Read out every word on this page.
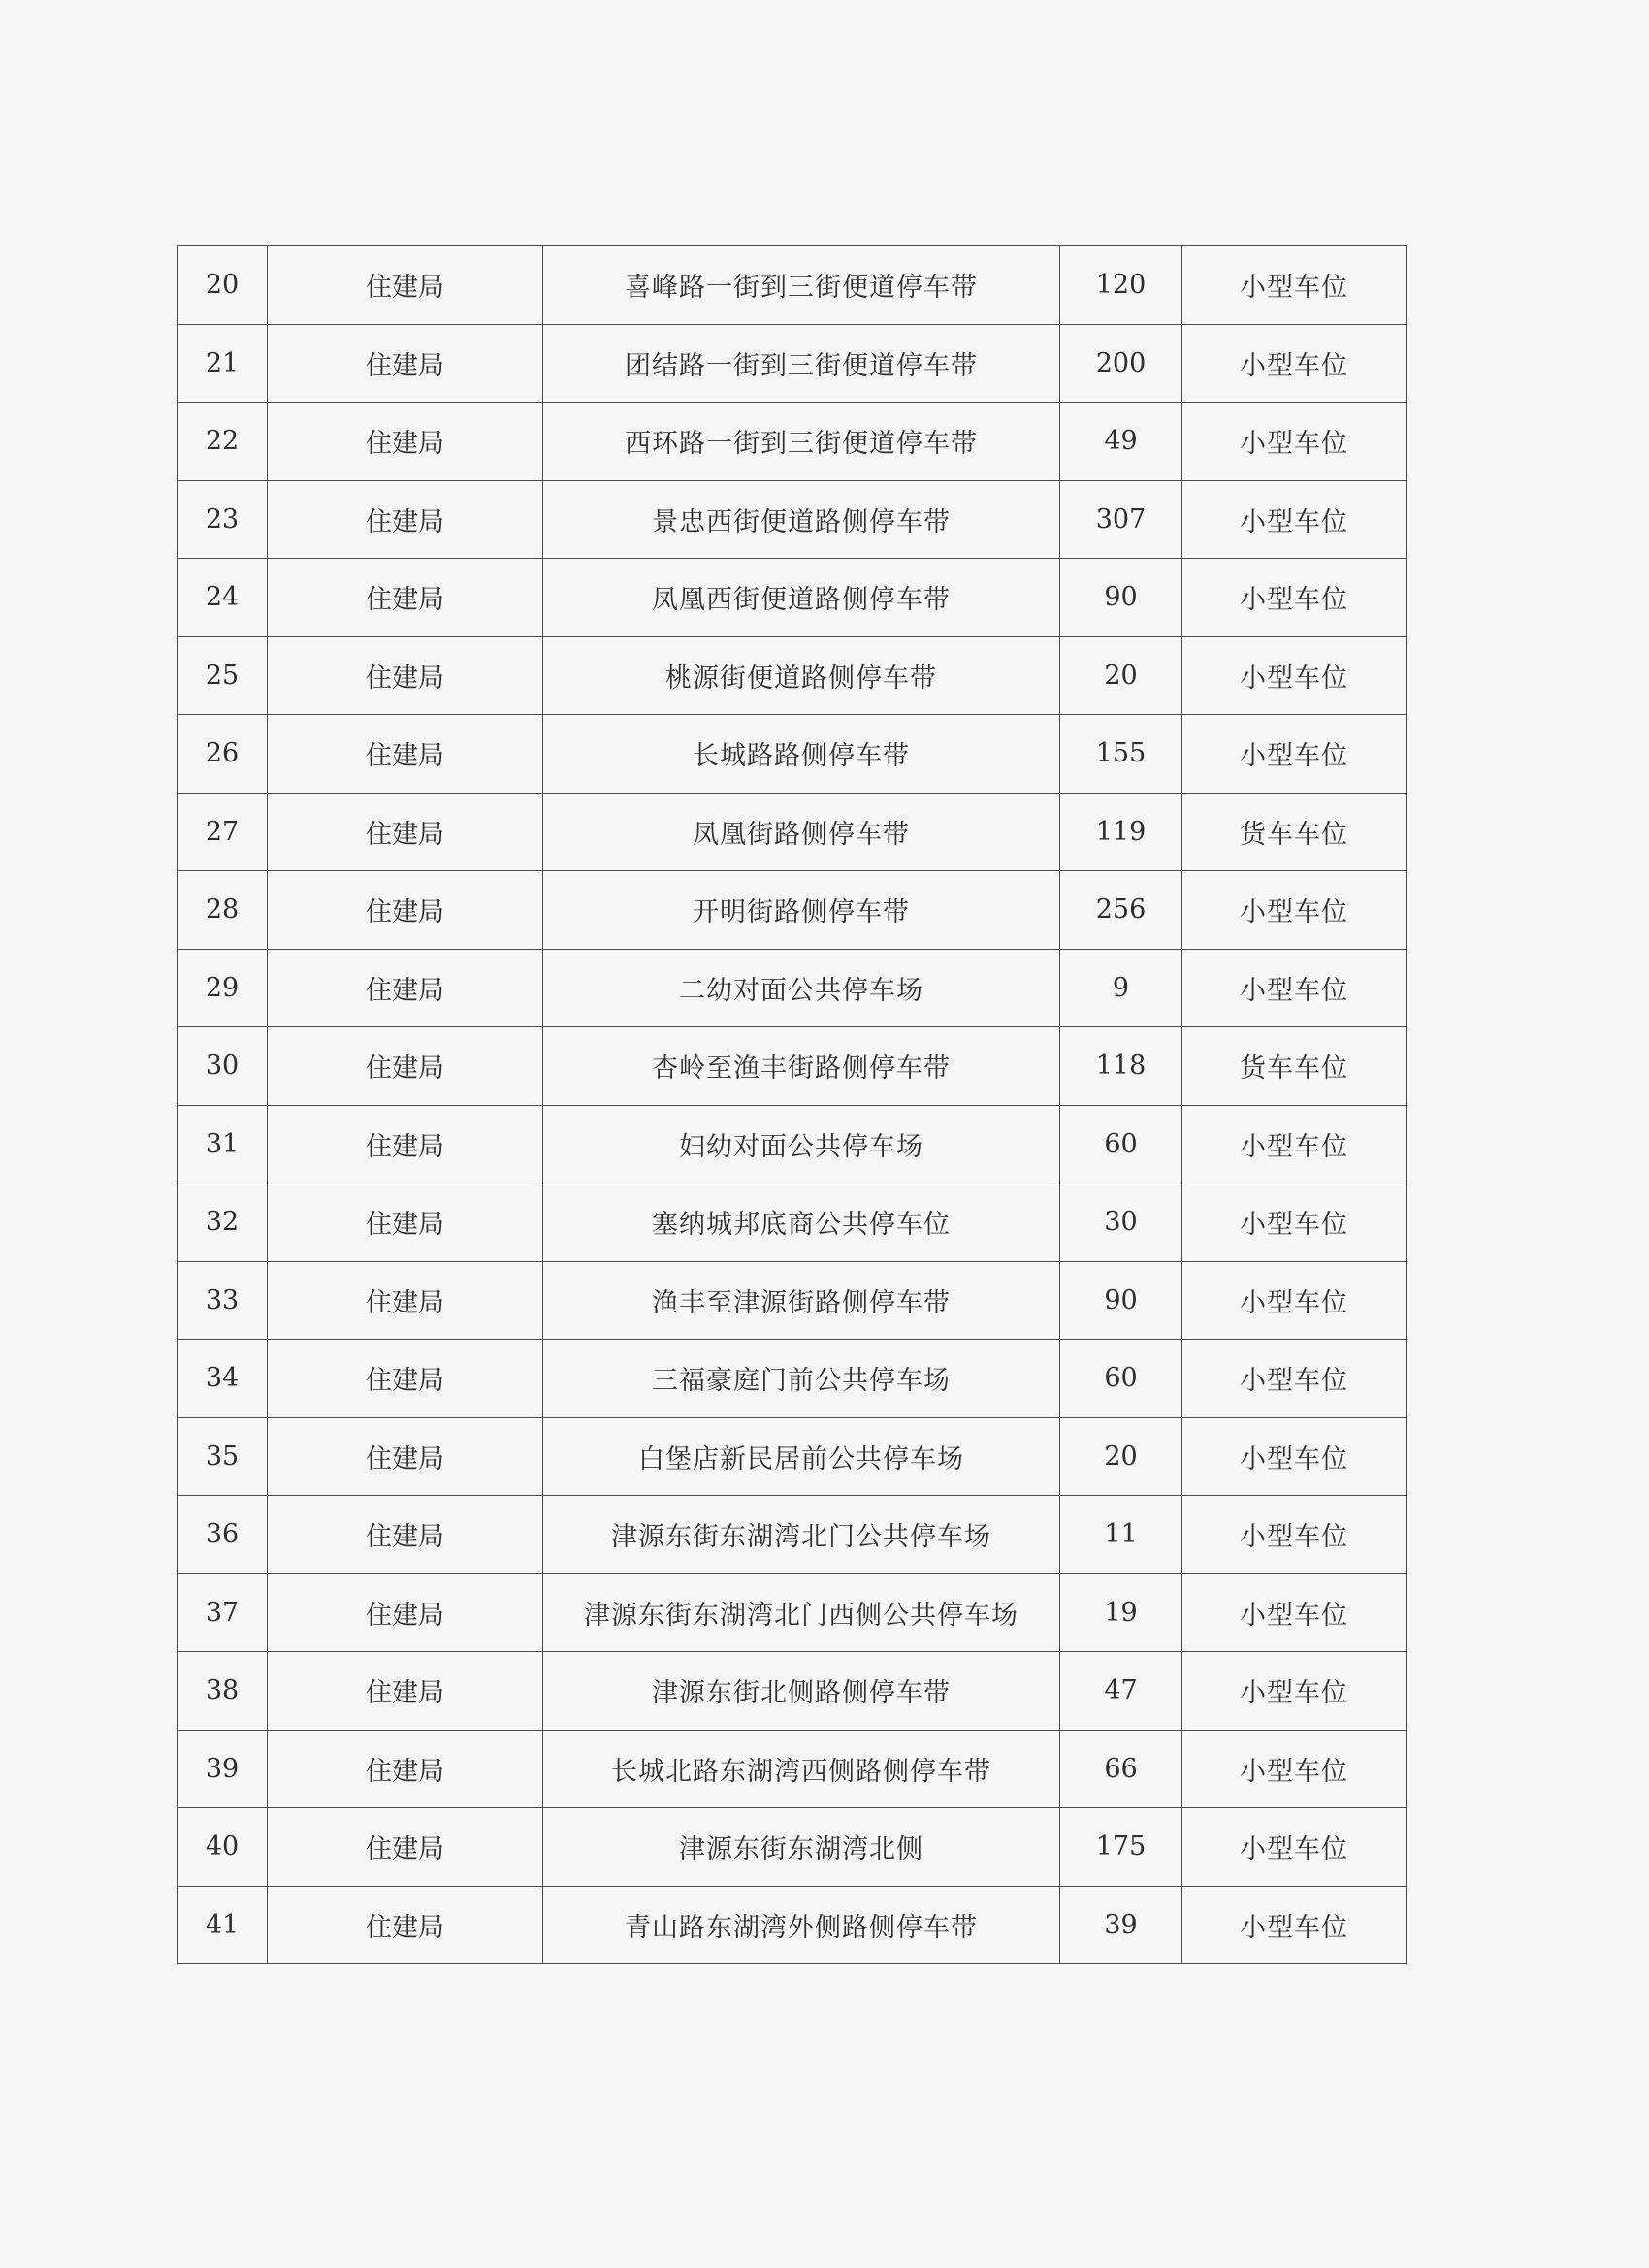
20	住建局	喜峰路一街到三街便道停车带	120	小型车位
21	住建局	团结路一街到三街便道停车带	200	小型车位
22	住建局	西环路一街到三街便道停车带	49	小型车位
23	住建局	景忠西街便道路侧停车带	307	小型车位
24	住建局	凤凰西街便道路侧停车带	90	小型车位
25	住建局	桃源街便道路侧停车带	20	小型车位
26	住建局	长城路路侧停车带	155	小型车位
27	住建局	凤凰街路侧停车带	119	货车车位
28	住建局	开明街路侧停车带	256	小型车位
29	住建局	二幼对面公共停车场	9	小型车位
30	住建局	杏岭至渔丰街路侧停车带	118	货车车位
31	住建局	妇幼对面公共停车场	60	小型车位
32	住建局	塞纳城邦底商公共停车位	30	小型车位
33	住建局	渔丰至津源街路侧停车带	90	小型车位
34	住建局	三福豪庭门前公共停车场	60	小型车位
35	住建局	白堡店新民居前公共停车场	20	小型车位
36	住建局	津源东街东湖湾北门公共停车场	11	小型车位
37	住建局	津源东街东湖湾北门西侧公共停车场	19	小型车位
38	住建局	津源东街北侧路侧停车带	47	小型车位
39	住建局	长城北路东湖湾西侧路侧停车带	66	小型车位
40	住建局	津源东街东湖湾北侧	175	小型车位
41	住建局	青山路东湖湾外侧路侧停车带	39	小型车位
